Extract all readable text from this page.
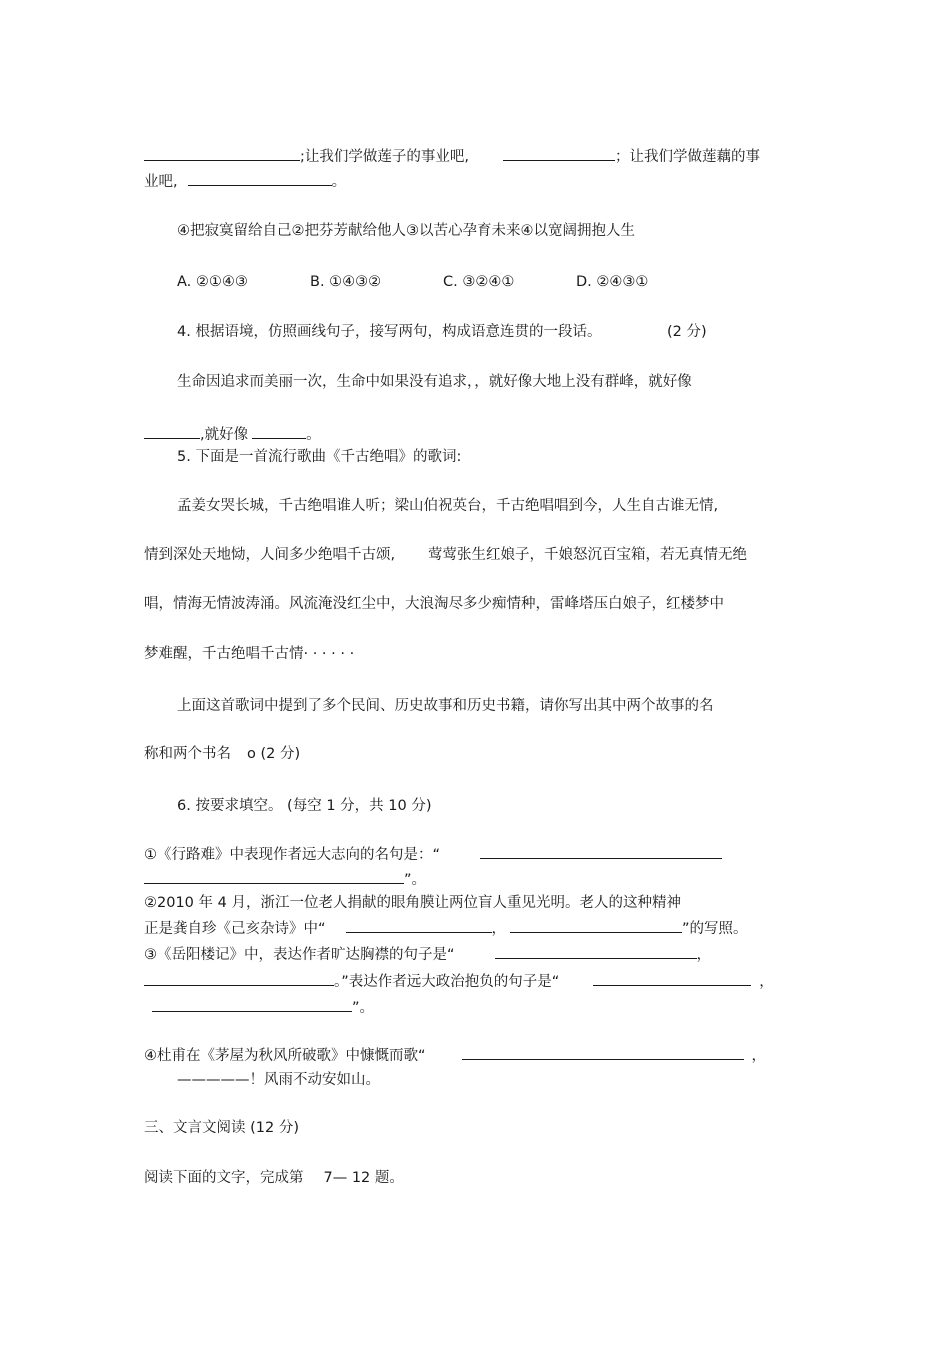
;让我们学做莲子的事业吧,	；让我们学做莲藕的事
业吧,	。
④把寂寞留给自己②把芬芳献给他人③以苦心孕育未来④以宽阔拥抱人生
A. ②①④③	B. ①④③②	C. ③②④①	D. ②④③①
4. 根据语境，仿照画线句子，接写两句，构成语意连贯的一段话。	(2 分)
生命因追求而美丽一次，生命中如果没有追求，，就好像大地上没有群峰，就好像
,就好像	。
5. 下面是一首流行歌曲《千古绝唱》的歌词:
孟姜女哭长城，千古绝唱谁人听；梁山伯祝英台，千古绝唱唱到今，人生自古谁无情,
情到深处天地恸，人间多少绝唱千古颂, 莺莺张生红娘子，千娘怒沉百宝箱，若无真情无绝
唱，情海无情波涛涌。风流淹没红尘中，大浪淘尽多少痴情种，雷峰塔压白娘子，红楼梦中
梦难醒，千古绝唱千古情· · · · · ·
上面这首歌词中提到了多个民间、历史故事和历史书籍，请你写出其中两个故事的名
称和两个书名 o (2 分)
6. 按要求填空。 (每空 1 分，共 10 分)
①《行路难》中表现作者远大志向的名句是：“
”。
②2010 年 4 月，浙江一位老人捐献的眼角膜让两位盲人重见光明。老人的这种精神
正是龚自珍《己亥杂诗》中“	，	”的写照。
③《岳阳楼记》中，表达作者旷达胸襟的句子是“	，
。”表达作者远大政治抱负的句子是“	，
”。
④杜甫在《茅屋为秋风所破歌》中慷慨而歌“	，
—————！风雨不动安如山。
三、文言文阅读 (12 分)
阅读下面的文字，完成第 7— 12 题。
